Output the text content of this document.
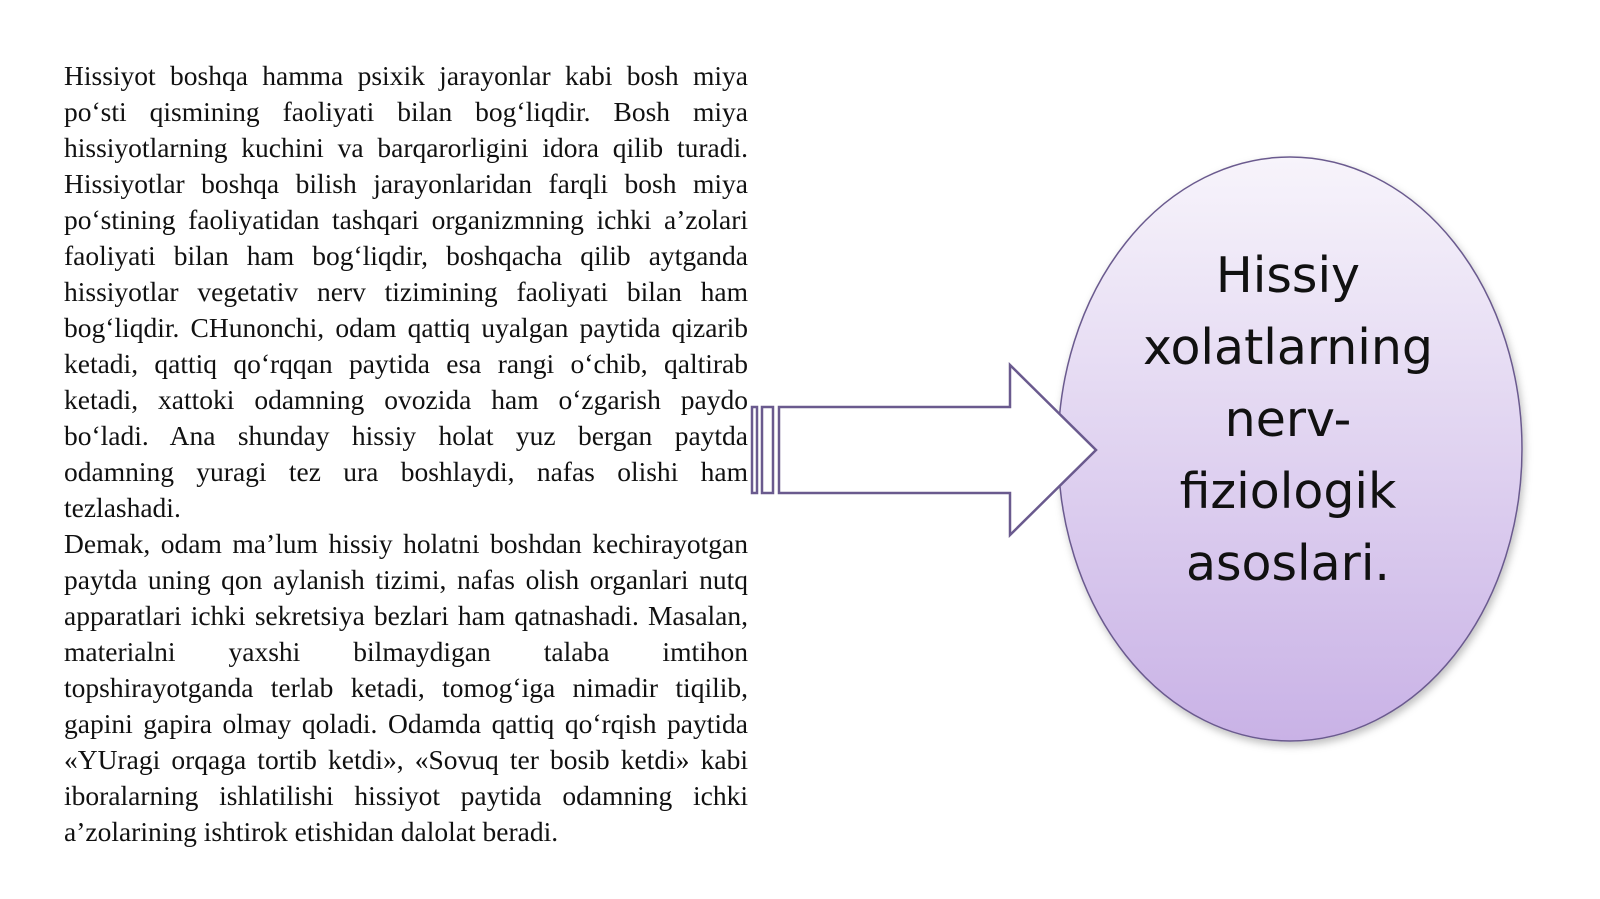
Hissiyot boshqa hamma psixik jarayonlar kabi bosh miya po‘sti qismining faoliyati bilan bog‘liqdir. Bosh miya hissiyotlarning kuchini va barqarorligini idora qilib turadi. Hissiyotlar boshqa bilish jarayonlaridan farqli bosh miya po‘stining faoliyatidan tashqari organizmning ichki a’zolari faoliyati bilan ham bog‘liqdir, boshqacha qilib aytganda hissiyotlar vegetativ nerv tizimining faoliyati bilan ham bog‘liqdir. CHunonchi, odam qattiq uyalgan paytida qizarib ketadi, qattiq qo‘rqqan paytida esa rangi o‘chib, qaltirab ketadi, xattoki odamning ovozida ham o‘zgarish paydo bo‘ladi. Ana shunday hissiy holat yuz bergan paytda odamning yuragi tez ura boshlaydi, nafas olishi ham tezlashadi.

Demak, odam ma’lum hissiy holatni boshdan kechirayotgan paytda uning qon aylanish tizimi, nafas olish organlari nutq apparatlari ichki sekretsiya bezlari ham qatnashadi. Masalan, materialni yaxshi bilmaydigan talaba imtihon topshirayotganda terlab ketadi, tomog‘iga nimadir tiqilib, gapini gapira olmay qoladi. Odamda qattiq qo‘rqish paytida «YUragi orqaga tortib ketdi», «Sovuq ter bosib ketdi» kabi iboralarning ishlatilishi hissiyot paytida odamning ichki a’zolarining ishtirok etishidan dalolat beradi.

Hissiy xolatlarning nerv-fiziologik asoslari.
